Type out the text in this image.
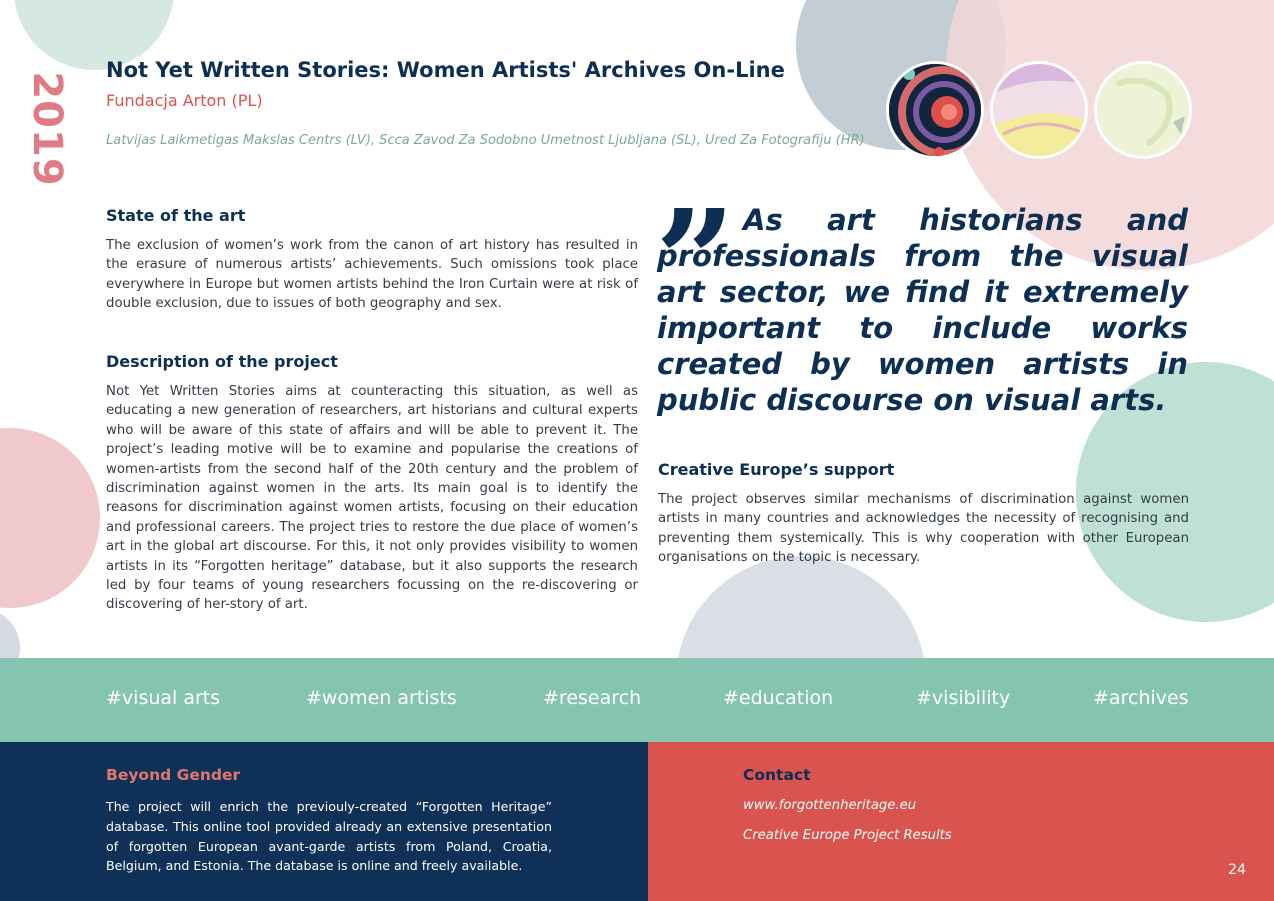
2019
Not Yet Written Stories: Women Artists' Archives On-Line
Fundacja Arton (PL)
Latvijas Laikmetigas Makslas Centrs (LV), Scca Zavod Za Sodobno Umetnost Ljubljana (SL), Ured Za Fotografiju (HR)
State of the art
The exclusion of women’s work from the canon of art history has resulted in the erasure of numerous artists’ achievements. Such omissions took place everywhere in Europe but women artists behind the Iron Curtain were at risk of double exclusion, due to issues of both geography and sex.
Description of the project
Not Yet Written Stories aims at counteracting this situation, as well as educating a new generation of researchers, art historians and cultural experts who will be aware of this state of affairs and will be able to prevent it. The project’s leading motive will be to examine and popularise the creations of women-artists from the second half of the 20th century and the problem of discrimination against women in the arts. Its main goal is to identify the reasons for discrimination against women artists, focusing on their education and professional careers. The project tries to restore the due place of women’s art in the global art discourse. For this, it not only provides visibility to women artists in its “Forgotten heritage” database, but it also supports the research led by four teams of young researchers focussing on the re-discovering or discovering of her-story of art.
” As art historians and professionals from the visual art sector, we find it extremely important to include works created by women artists in public discourse on visual arts.
Creative Europe’s support
The project observes similar mechanisms of discrimination against women artists in many countries and acknowledges the necessity of recognising and preventing them systemically. This is why cooperation with other European organisations on the topic is necessary.
#visual arts	#women artists	#research	#education	#visibility	#archives
Beyond Gender
The project will enrich the previouly-created “Forgotten Heritage” database. This online tool provided already an extensive presentation of forgotten European avant-garde artists from Poland, Croatia, Belgium, and Estonia. The database is online and freely available.
Contact
www.forgottenheritage.eu
Creative Europe Project Results
24
